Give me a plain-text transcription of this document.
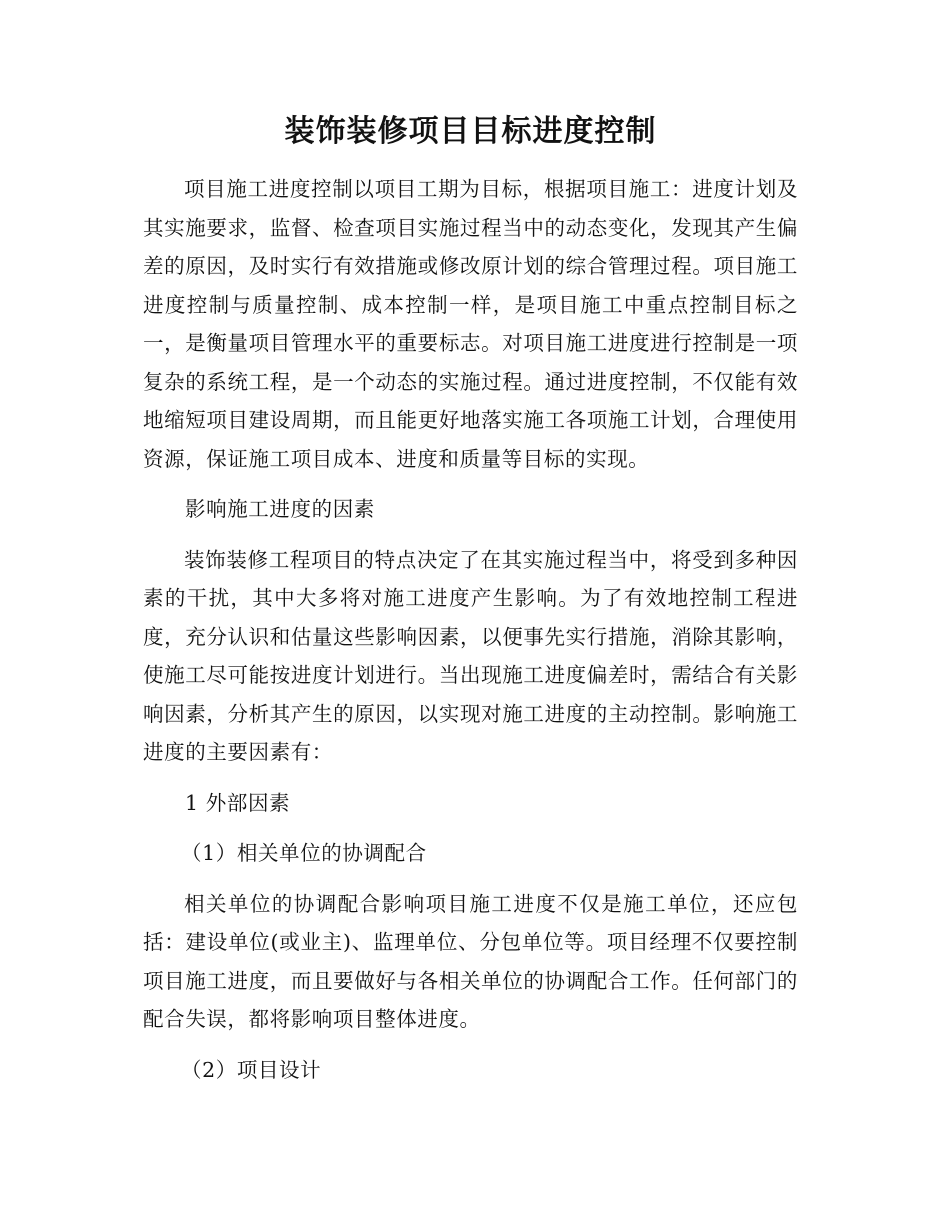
装饰装修项目目标进度控制

项目施工进度控制以项目工期为目标，根据项目施工：进度计划及其实施要求，监督、检查项目实施过程当中的动态变化，发现其产生偏差的原因，及时实行有效措施或修改原计划的综合管理过程。项目施工进度控制与质量控制、成本控制一样，是项目施工中重点控制目标之一，是衡量项目管理水平的重要标志。对项目施工进度进行控制是一项复杂的系统工程，是一个动态的实施过程。通过进度控制，不仅能有效地缩短项目建设周期，而且能更好地落实施工各项施工计划，合理使用资源，保证施工项目成本、进度和质量等目标的实现。

影响施工进度的因素

装饰装修工程项目的特点决定了在其实施过程当中，将受到多种因素的干扰，其中大多将对施工进度产生影响。为了有效地控制工程进度，充分认识和估量这些影响因素，以便事先实行措施，消除其影响，使施工尽可能按进度计划进行。当出现施工进度偏差时，需结合有关影响因素，分析其产生的原因，以实现对施工进度的主动控制。影响施工进度的主要因素有：

1 外部因素
（1）相关单位的协调配合

相关单位的协调配合影响项目施工进度不仅是施工单位，还应包括：建设单位(或业主)、监理单位、分包单位等。项目经理不仅要控制项目施工进度，而且要做好与各相关单位的协调配合工作。任何部门的配合失误，都将影响项目整体进度。

（2）项目设计
